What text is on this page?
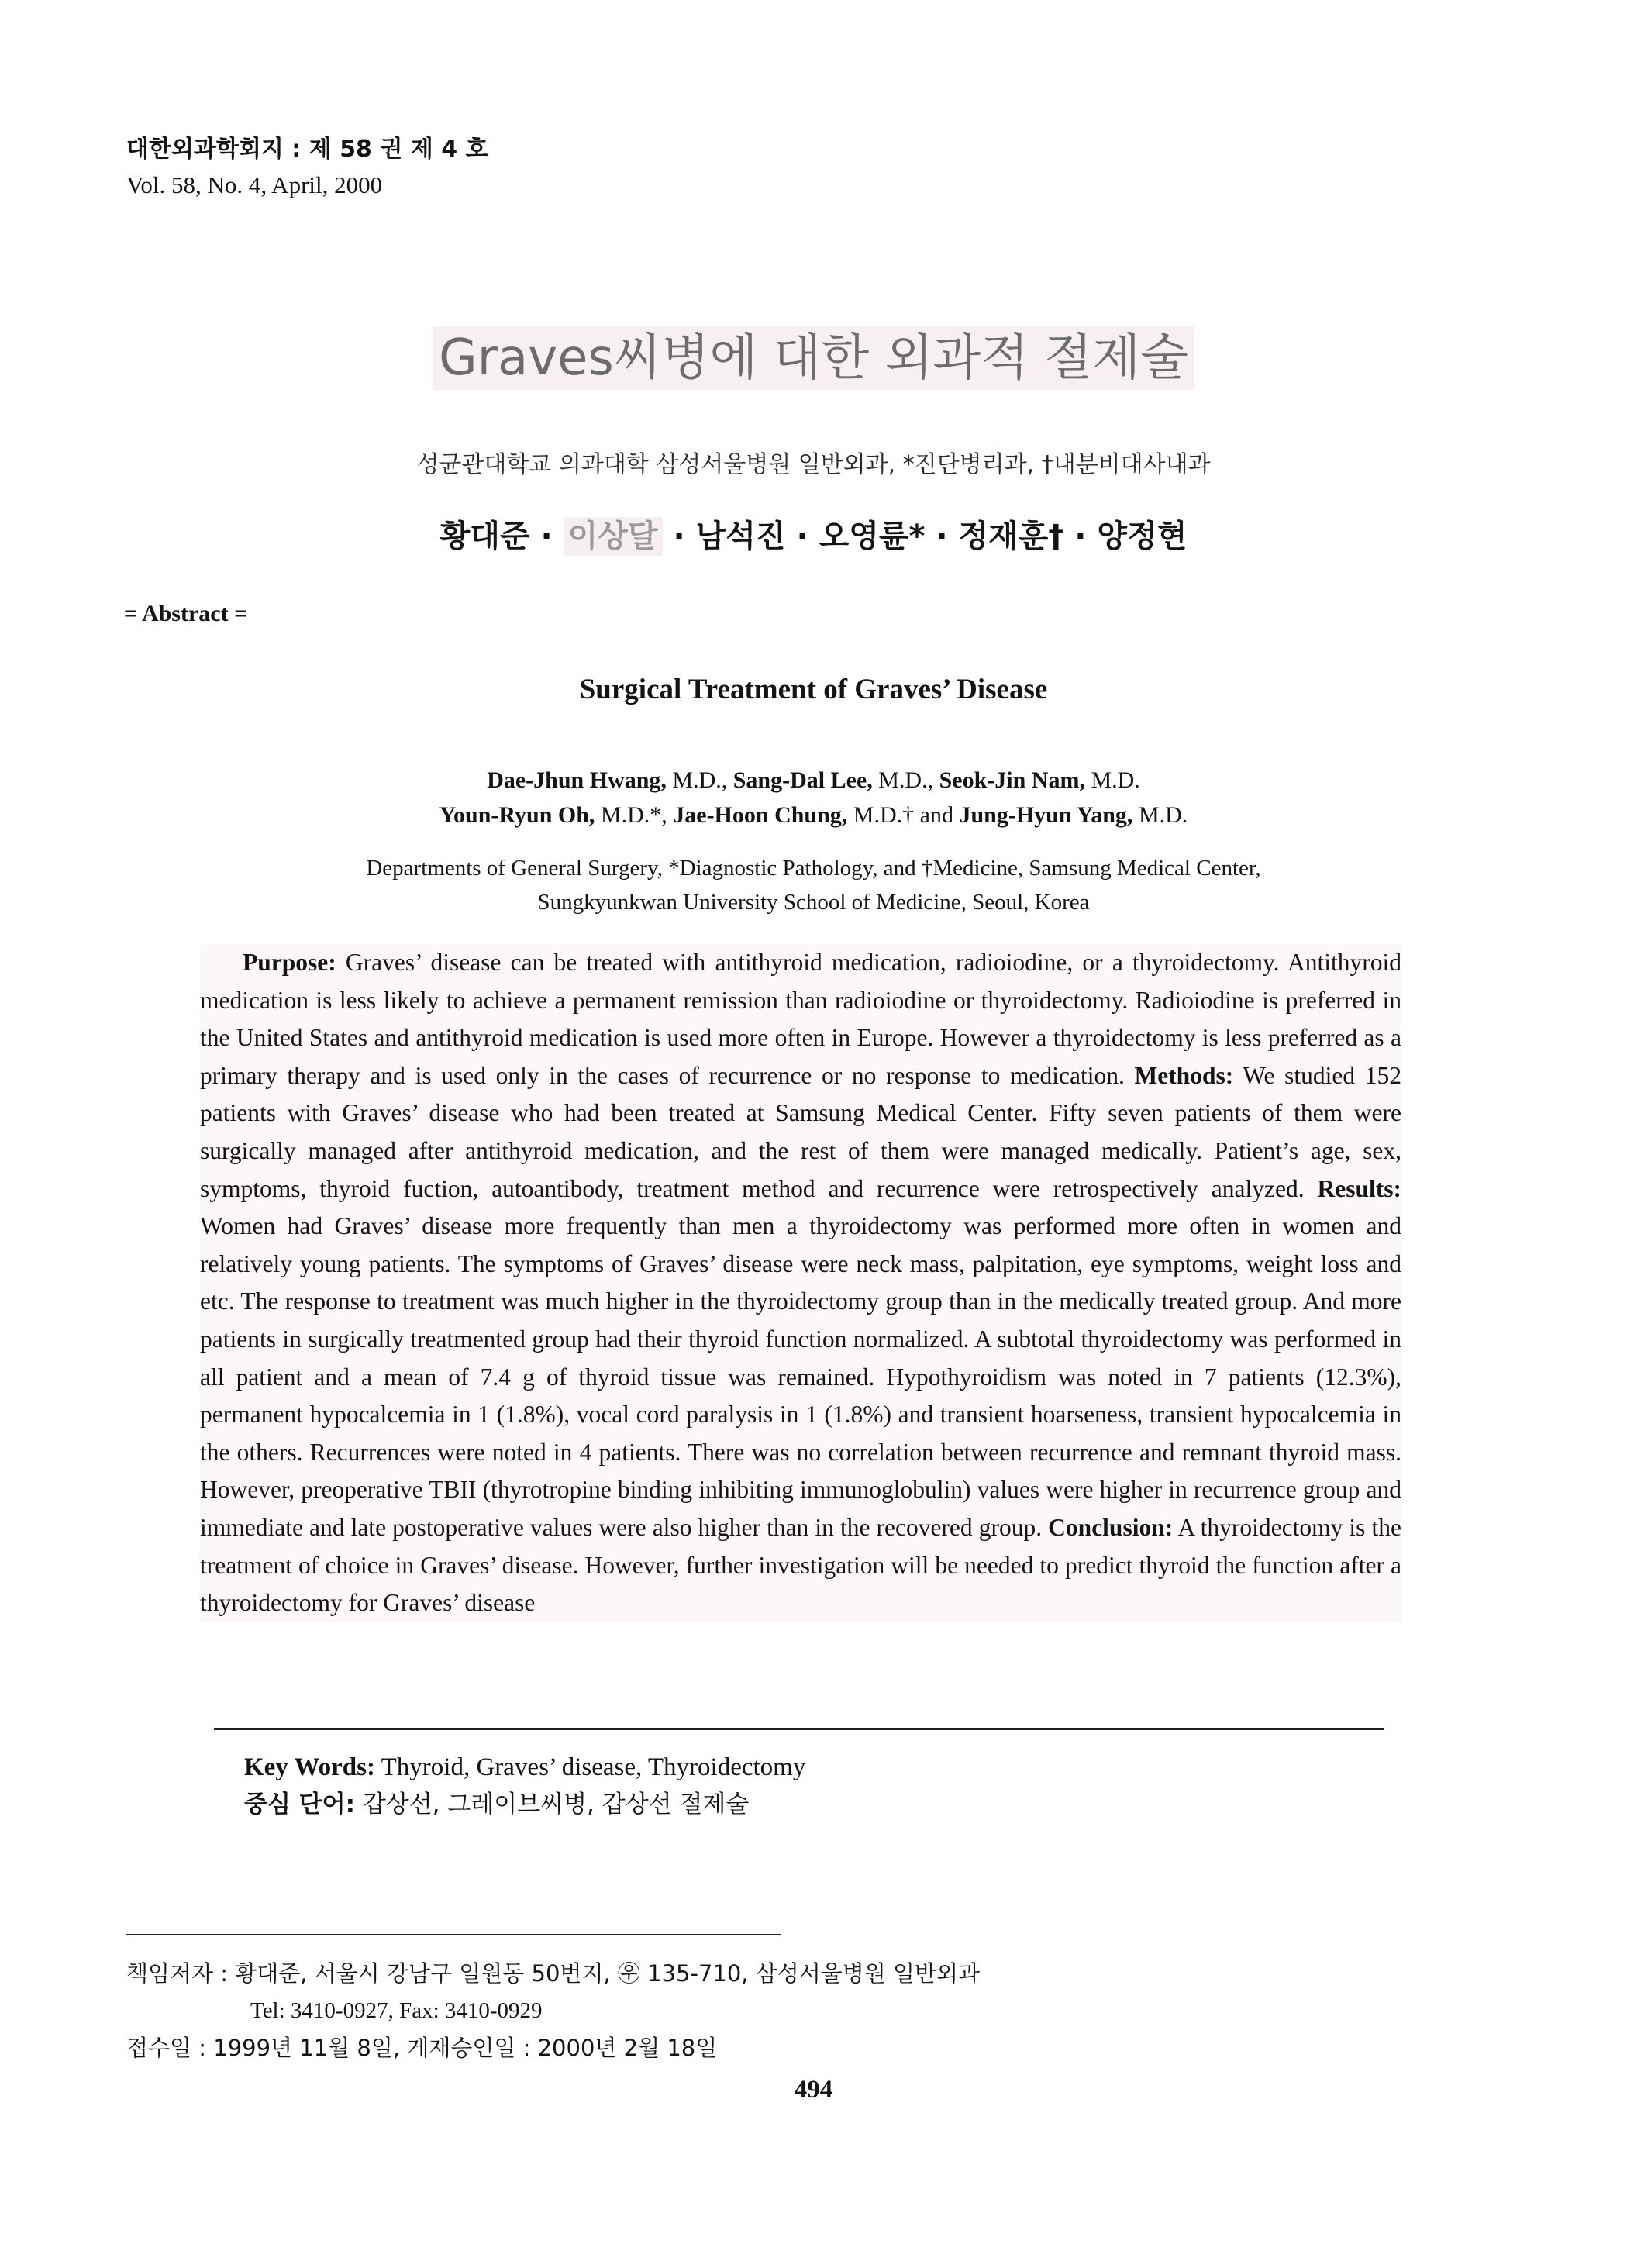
대한외과학회지 : 제 58 권 제 4 호
Vol. 58, No. 4, April, 2000
Graves씨병에 대한 외과적 절제술
성균관대학교 의과대학 삼성서울병원 일반외과, *진단병리과, †내분비대사내과
황대준 · 이상달 · 남석진 · 오영륜* · 정재훈† · 양정현
= Abstract =
Surgical Treatment of Graves’ Disease
Dae-Jhun Hwang, M.D., Sang-Dal Lee, M.D., Seok-Jin Nam, M.D.
Youn-Ryun Oh, M.D.*, Jae-Hoon Chung, M.D.† and Jung-Hyun Yang, M.D.
Departments of General Surgery, *Diagnostic Pathology, and †Medicine, Samsung Medical Center,
Sungkyunkwan University School of Medicine, Seoul, Korea

Purpose: Graves’ disease can be treated with antithyroid medication, radioiodine, or a thyroidectomy. Antithyroid medication is less likely to achieve a permanent remission than radioiodine or thyroidectomy. Radioiodine is preferred in the United States and antithyroid medication is used more often in Europe. However a thyroidectomy is less preferred as a primary therapy and is used only in the cases of recurrence or no response to medication. Methods: We studied 152 patients with Graves’ disease who had been treated at Samsung Medical Center. Fifty seven patients of them were surgically managed after antithyroid medication, and the rest of them were managed medically. Patient’s age, sex, symptoms, thyroid fuction, autoantibody, treatment method and recurrence were retrospectively analyzed. Results: Women had Graves’ disease more frequently than men a thyroidectomy was performed more often in women and relatively young patients. The symptoms of Graves’ disease were neck mass, palpitation, eye symptoms, weight loss and etc. The response to treatment was much higher in the thyroidectomy group than in the medically treated group. And more patients in surgically treatmented group had their thyroid function normalized. A subtotal thyroidectomy was performed in all patient and a mean of 7.4 g of thyroid tissue was remained. Hypothyroidism was noted in 7 patients (12.3%), permanent hypocalcemia in 1 (1.8%), vocal cord paralysis in 1 (1.8%) and transient hoarseness, transient hypocalcemia in the others. Recurrences were noted in 4 patients. There was no correlation between recurrence and remnant thyroid mass. However, preoperative TBII (thyrotropine binding inhibiting immunoglobulin) values were higher in recurrence group and immediate and late postoperative values were also higher than in the recovered group. Conclusion: A thyroidectomy is the treatment of choice in Graves’ disease. However, further investigation will be needed to predict thyroid the function after a thyroidectomy for Graves’ disease

Key Words: Thyroid, Graves’ disease, Thyroidectomy
중심 단어: 갑상선, 그레이브씨병, 갑상선 절제술
책임저자 : 황대준, 서울시 강남구 일원동 50번지, ㉾ 135-710, 삼성서울병원 일반외과
Tel: 3410-0927, Fax: 3410-0929
접수일 : 1999년 11월 8일, 게재승인일 : 2000년 2월 18일
494
